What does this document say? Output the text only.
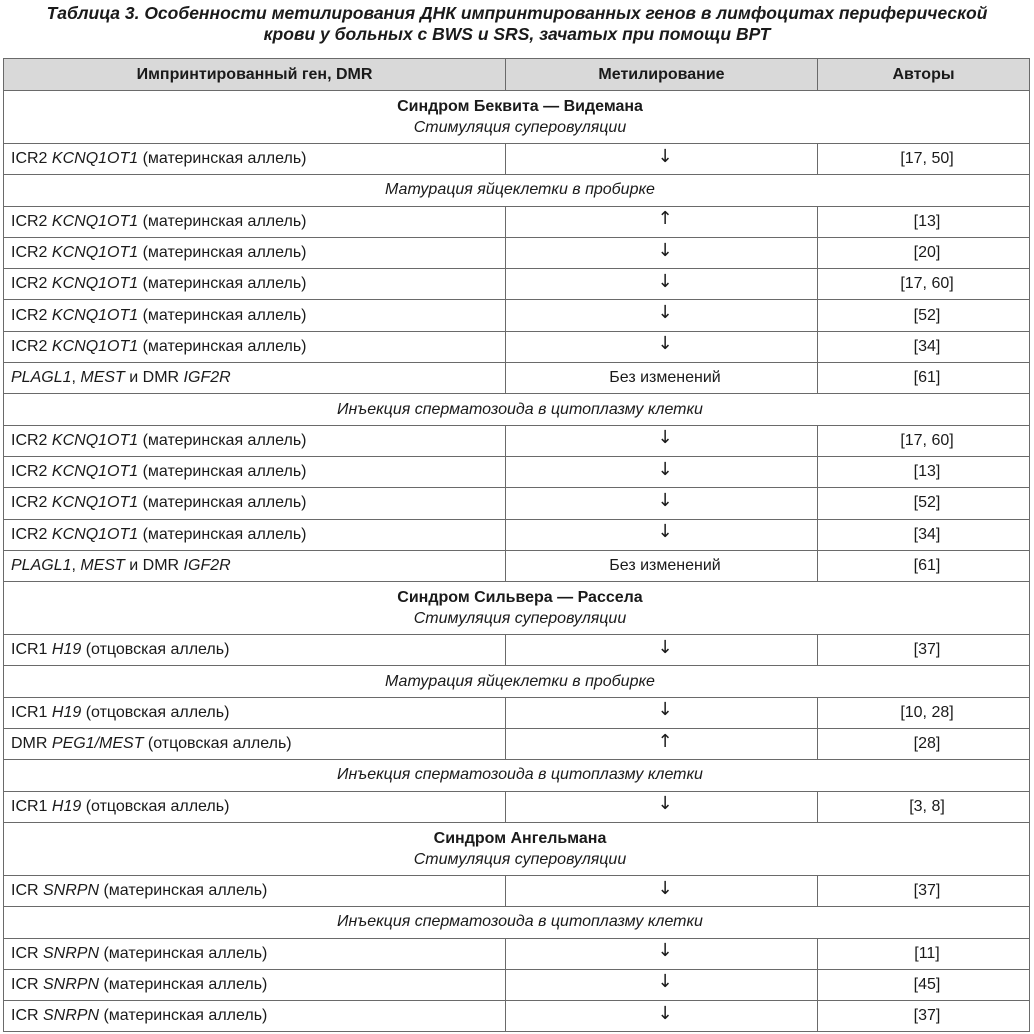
Таблица 3. Особенности метилирования ДНК импринтированных генов в лимфоцитах периферической
крови у больных с BWS и SRS, зачатых при помощи ВРТ
Импринтированный ген, DMR	Метилирование	Авторы

Синдром Беквита — Видемана
Стимуляция суперовуляции		

ICR2 KCNQ1OT1 (материнская аллель)	↓	[17, 50]
Матурация яйцеклетки в пробирке		
ICR2 KCNQ1OT1 (материнская аллель)	↑	[13]
ICR2 KCNQ1OT1 (материнская аллель)	↓	[20]
ICR2 KCNQ1OT1 (материнская аллель)	↓	[17, 60]
ICR2 KCNQ1OT1 (материнская аллель)	↓	[52]
ICR2 KCNQ1OT1 (материнская аллель)	↓	[34]
PLAGL1, MEST и DMR IGF2R	Без изменений	[61]
Инъекция сперматозоида в цитоплазму клетки		
ICR2 KCNQ1OT1 (материнская аллель)	↓	[17, 60]
ICR2 KCNQ1OT1 (материнская аллель)	↓	[13]
ICR2 KCNQ1OT1 (материнская аллель)	↓	[52]
ICR2 KCNQ1OT1 (материнская аллель)	↓	[34]
PLAGL1, MEST и DMR IGF2R	Без изменений	[61]

Синдром Сильвера — Рассела
Стимуляция суперовуляции		

ICR1 H19 (отцовская аллель)	↓	[37]
Матурация яйцеклетки в пробирке		
ICR1 H19 (отцовская аллель)	↓	[10, 28]
DMR PEG1/MEST (отцовская аллель)	↑	[28]
Инъекция сперматозоида в цитоплазму клетки		
ICR1 H19 (отцовская аллель)	↓	[3, 8]

Синдром Ангельмана
Стимуляция суперовуляции		

ICR SNRPN (материнская аллель)	↓	[37]
Инъекция сперматозоида в цитоплазму клетки		
ICR SNRPN (материнская аллель)	↓	[11]
ICR SNRPN (материнская аллель)	↓	[45]
ICR SNRPN (материнская аллель)	↓	[37]
